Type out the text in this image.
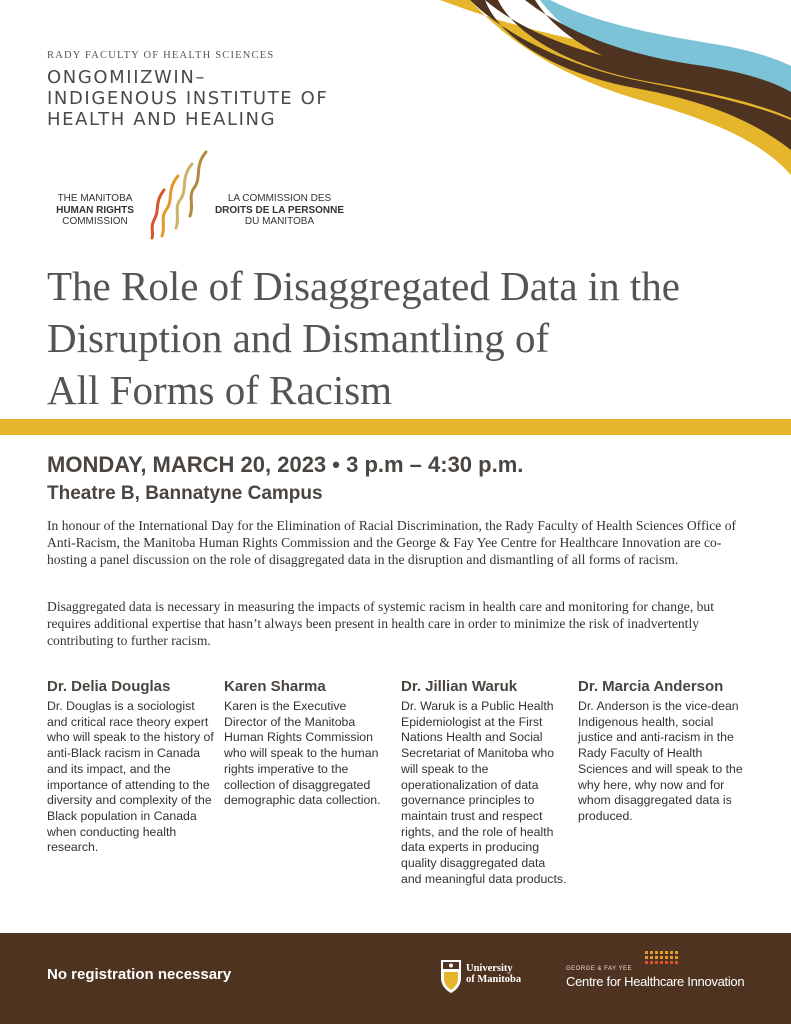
RADY FACULTY OF HEALTH SCIENCES
ONGOMIIZWIN–
INDIGENOUS INSTITUTE OF
HEALTH AND HEALING
THE MANITOBA
HUMAN RIGHTS
COMMISSION
LA COMMISSION DES
DROITS DE LA PERSONNE
DU MANITOBA
The Role of Disaggregated Data in the
Disruption and Dismantling of
All Forms of Racism
MONDAY, MARCH 20, 2023 • 3 p.m – 4:30 p.m.
Theatre B, Bannatyne Campus
In honour of the International Day for the Elimination of Racial Discrimination, the Rady Faculty of Health Sciences Office of Anti-Racism, the Manitoba Human Rights Commission and the George & Fay Yee Centre for Healthcare Innovation are co-hosting a panel discussion on the role of disaggregated data in the disruption and dismantling of all forms of racism.
Disaggregated data is necessary in measuring the impacts of systemic racism in health care and monitoring for change, but requires additional expertise that hasn’t always been present in health care in order to minimize the risk of inadvertently contributing to further racism.
Dr. Delia Douglas

Dr. Douglas is a sociologist and critical race theory expert who will speak to the history of anti-Black racism in Canada and its impact, and the importance of attending to the diversity and complexity of the Black population in Canada when conducting health research.

Karen Sharma

Karen is the Executive Director of the Manitoba Human Rights Commission who will speak to the human rights imperative to the collection of disaggregated demographic data collection.

Dr. Jillian Waruk

Dr. Waruk is a Public Health Epidemiologist at the First Nations Health and Social Secretariat of Manitoba who will speak to the operationalization of data governance principles to maintain trust and respect rights, and the role of health data experts in producing quality disaggregated data and meaningful data products.

Dr. Marcia Anderson

Dr. Anderson is the vice-dean Indigenous health, social justice and anti-racism in the Rady Faculty of Health Sciences and will speak to the why here, why now and for whom disaggregated data is produced.

No registration necessary	University
of Manitoba
GEORGE & FAY YEE
Centre for Healthcare Innovation
